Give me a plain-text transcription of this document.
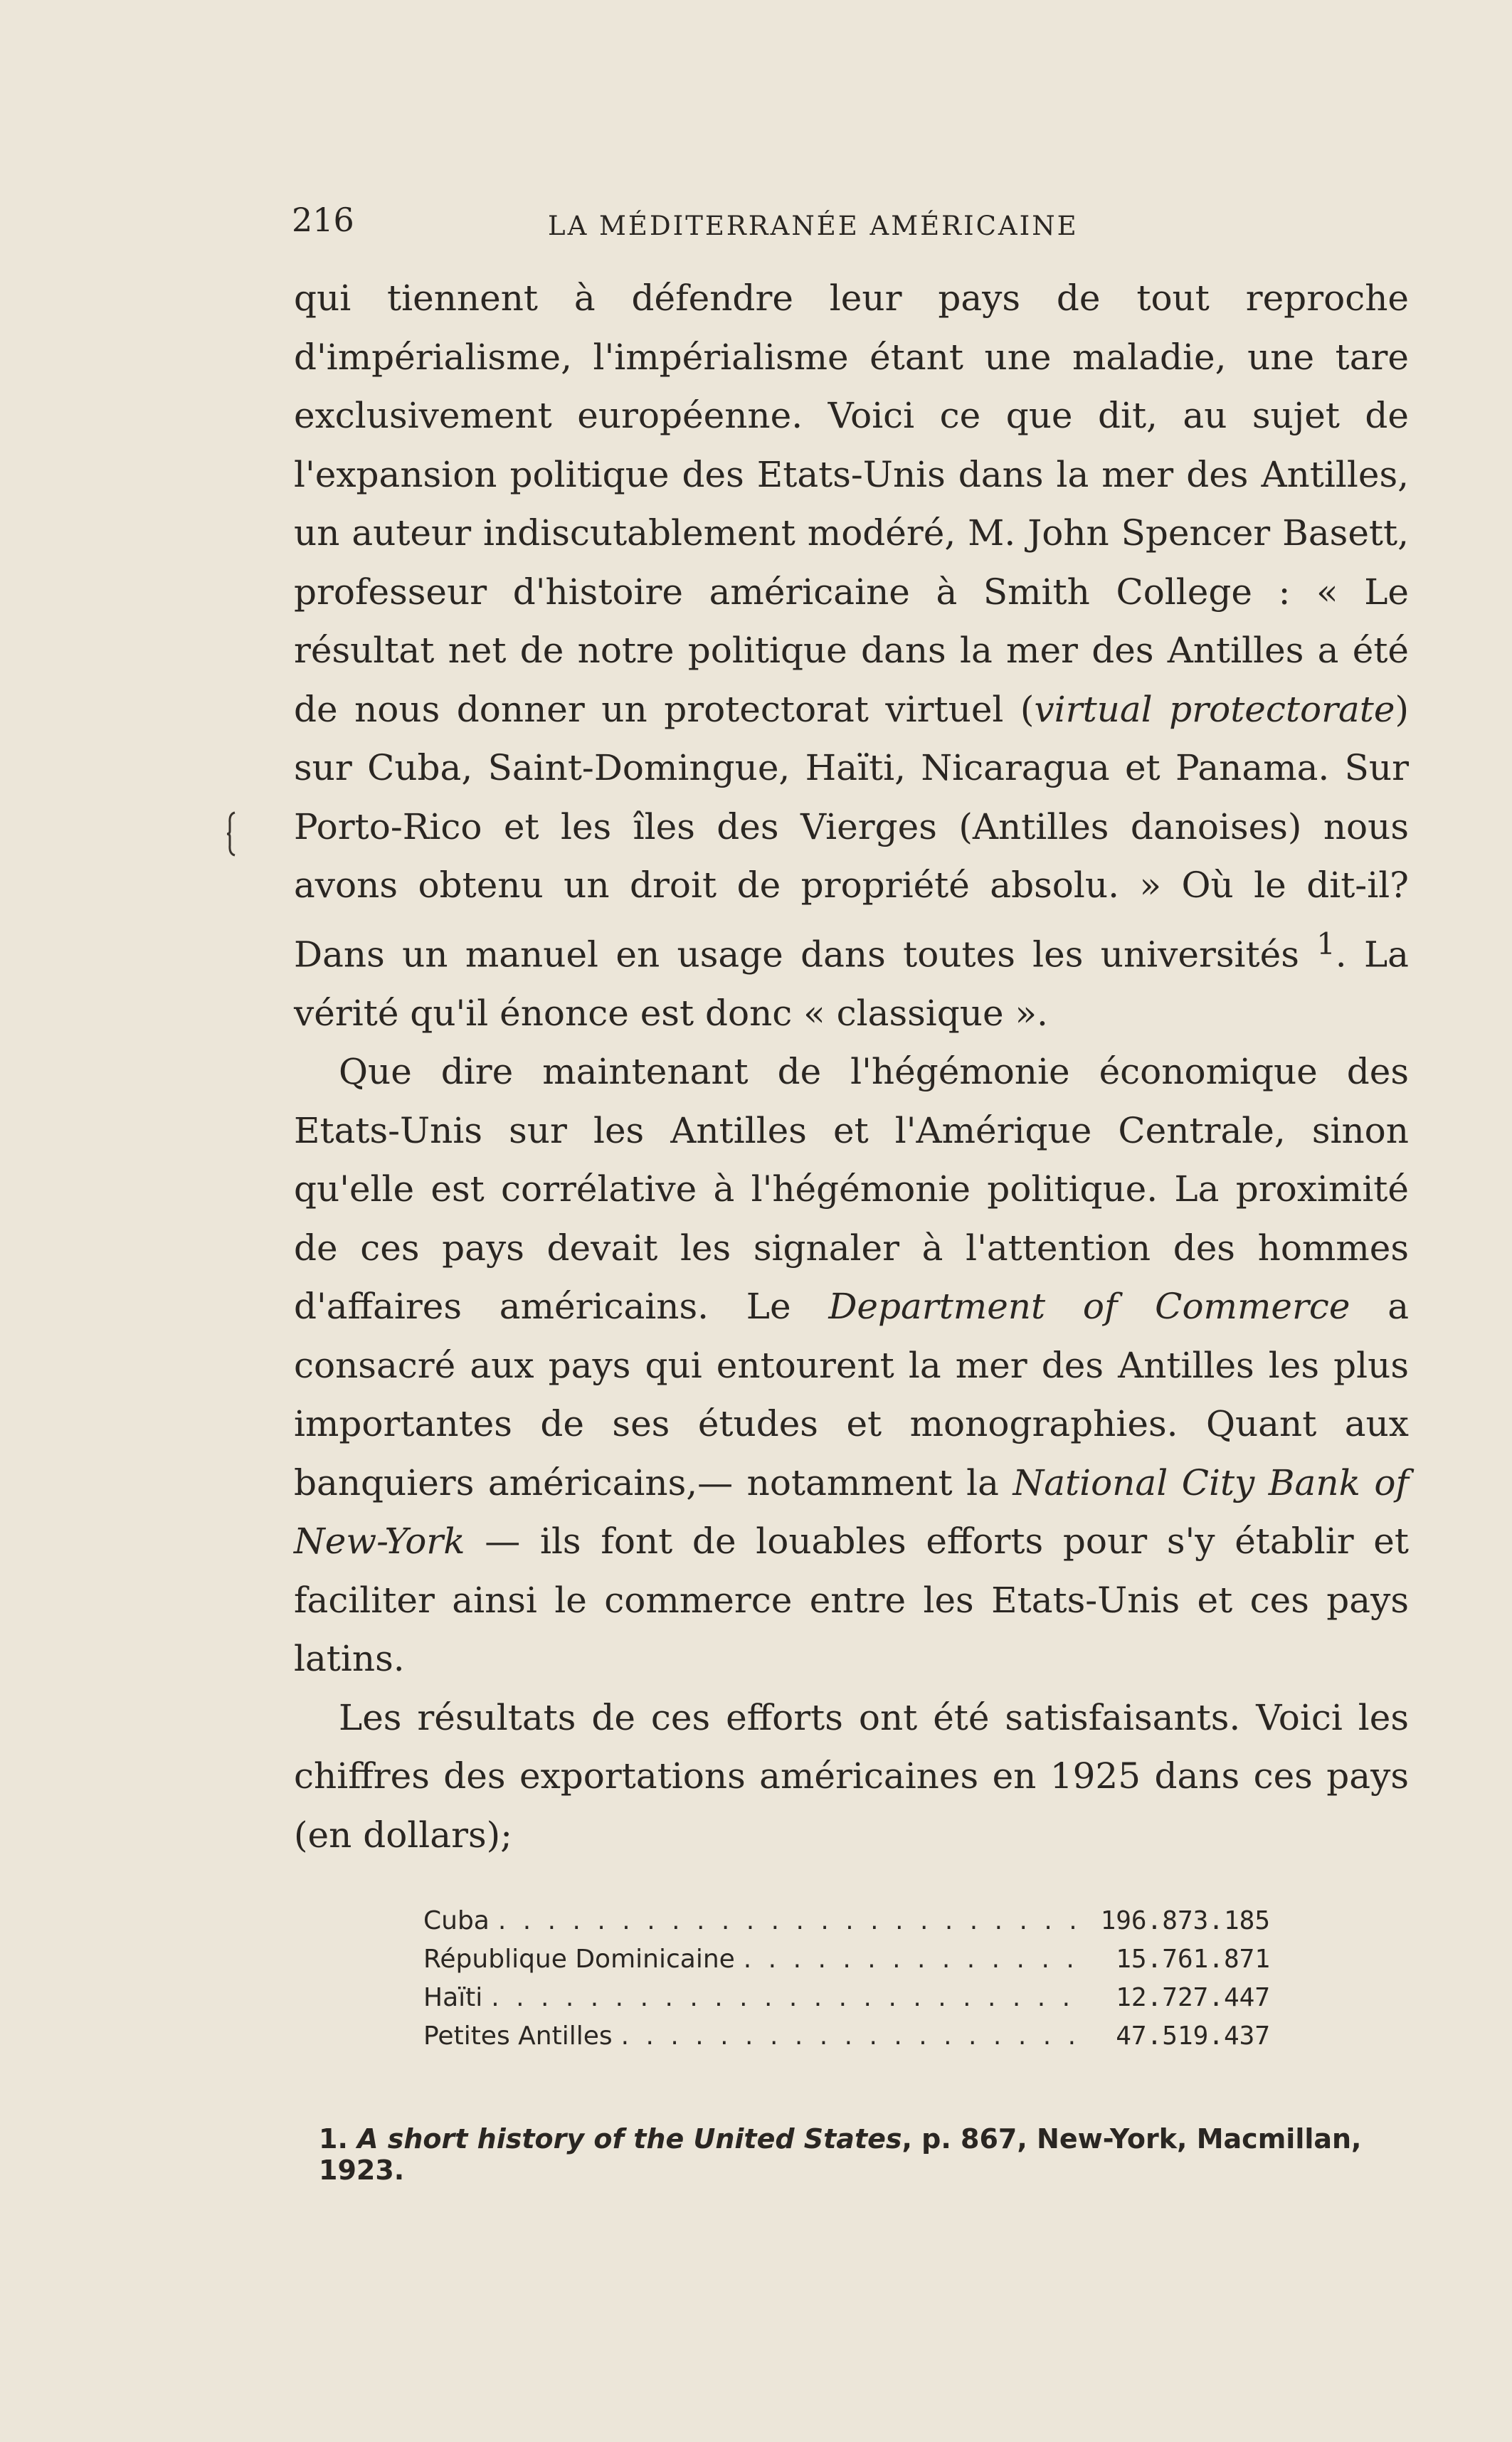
216	LA MÉDITERRANÉE AMÉRICAINE

qui tiennent à défendre leur pays de tout reproche d'impérialisme, l'impérialisme étant une maladie, une tare exclusivement européenne. Voici ce que dit, au sujet de l'expansion politique des Etats-Unis dans la mer des Antilles, un auteur indiscutablement modéré, M. John Spencer Basett, professeur d'histoire américaine à Smith College : « Le résultat net de notre politique dans la mer des Antilles a été de nous donner un protectorat virtuel (virtual protectorate) sur Cuba, Saint-Domingue, Haïti, Nicaragua et Panama. Sur Porto-Rico et les îles des Vierges (Antilles danoises) nous avons obtenu un droit de propriété absolu. » Où le dit-il? Dans un manuel en usage dans toutes les universités $^1$. La vérité qu'il énonce est donc « classique ».

Que dire maintenant de l'hégémonie économique des Etats-Unis sur les Antilles et l'Amérique Centrale, sinon qu'elle est corrélative à l'hégémonie politique. La proximité de ces pays devait les signaler à l'attention des hommes d'affaires américains. Le Department of Commerce a consacré aux pays qui entourent la mer des Antilles les plus importantes de ses études et monographies. Quant aux banquiers américains,— notamment la National City Bank of New-York — ils font de louables efforts pour s'y établir et faciliter ainsi le commerce entre les Etats-Unis et ces pays latins.

Les résultats de ces efforts ont été satisfaisants. Voici les chiffres des exportations américaines en 1925 dans ces pays (en dollars);

Cuba . . .	196.873.185
République Dominicaine . . .	15.761.871
Haïti . . .	12.727.447
Petites Antilles . . .	47.519.437
1. A short history of the United States, p. 867, New-York, Macmillan, 1923.
